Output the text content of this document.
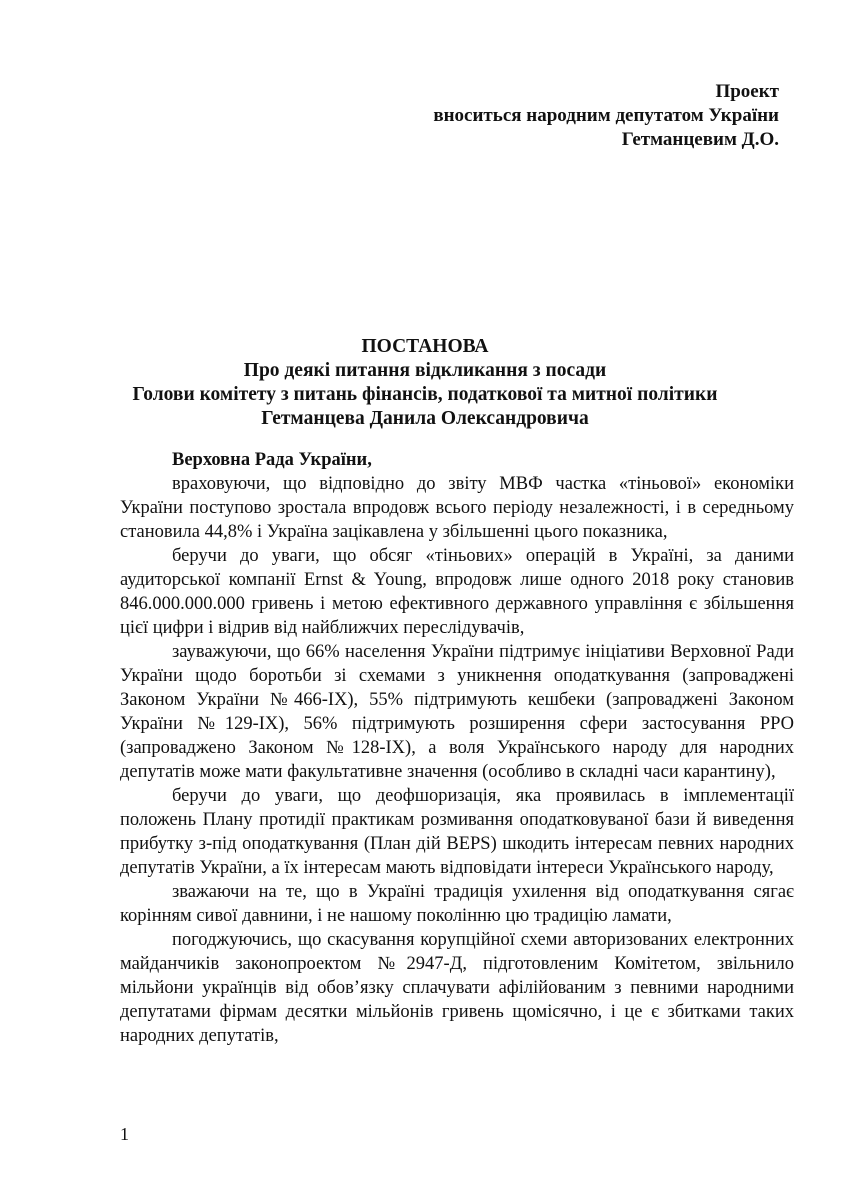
Проект
вноситься народним депутатом України
Гетманцевим Д.О.
ПОСТАНОВА
Про деякі питання відкликання з посади
Голови комітету з питань фінансів, податкової та митної політики
Гетманцева Данила Олександровича

Верховна Рада України,

враховуючи, що відповідно до звіту МВФ частка «тіньової» економіки України поступово зростала впродовж всього періоду незалежності, і в середньому становила 44,8% і Україна зацікавлена у збільшенні цього показника,

беручи до уваги, що обсяг «тіньових» операцій в Україні, за даними аудиторської компанії Ernst & Young, впродовж лише одного 2018 року становив 846.000.000.000 гривень і метою ефективного державного управління є збільшення цієї цифри і відрив від найближчих переслідувачів,

зауважуючи, що 66% населення України підтримує ініціативи Верховної Ради України щодо боротьби зі схемами з уникнення оподаткування (запроваджені Законом України №466-ІХ), 55% підтримують кешбеки (запроваджені Законом України №129-ІХ), 56% підтримують розширення сфери застосування РРО (запроваджено Законом №128-ІХ), а воля Українського народу для народних депутатів може мати факультативне значення (особливо в складні часи карантину),

беручи до уваги, що деофшоризація, яка проявилась в імплементації положень Плану протидії практикам розмивання оподатковуваної бази й виведення прибутку з-під оподаткування (План дій BEPS) шкодить інтересам певних народних депутатів України, а їх інтересам мають відповідати інтереси Українського народу,

зважаючи на те, що в Україні традиція ухилення від оподаткування сягає корінням сивої давнини, і не нашому поколінню цю традицію ламати,

погоджуючись, що скасування корупційної схеми авторизованих електронних майданчиків законопроектом №2947-Д, підготовленим Комітетом, звільнило мільйони українців від обов’язку сплачувати афілійованим з певними народними депутатами фірмам десятки мільйонів гривень щомісячно, і це є збитками таких народних депутатів,

1
